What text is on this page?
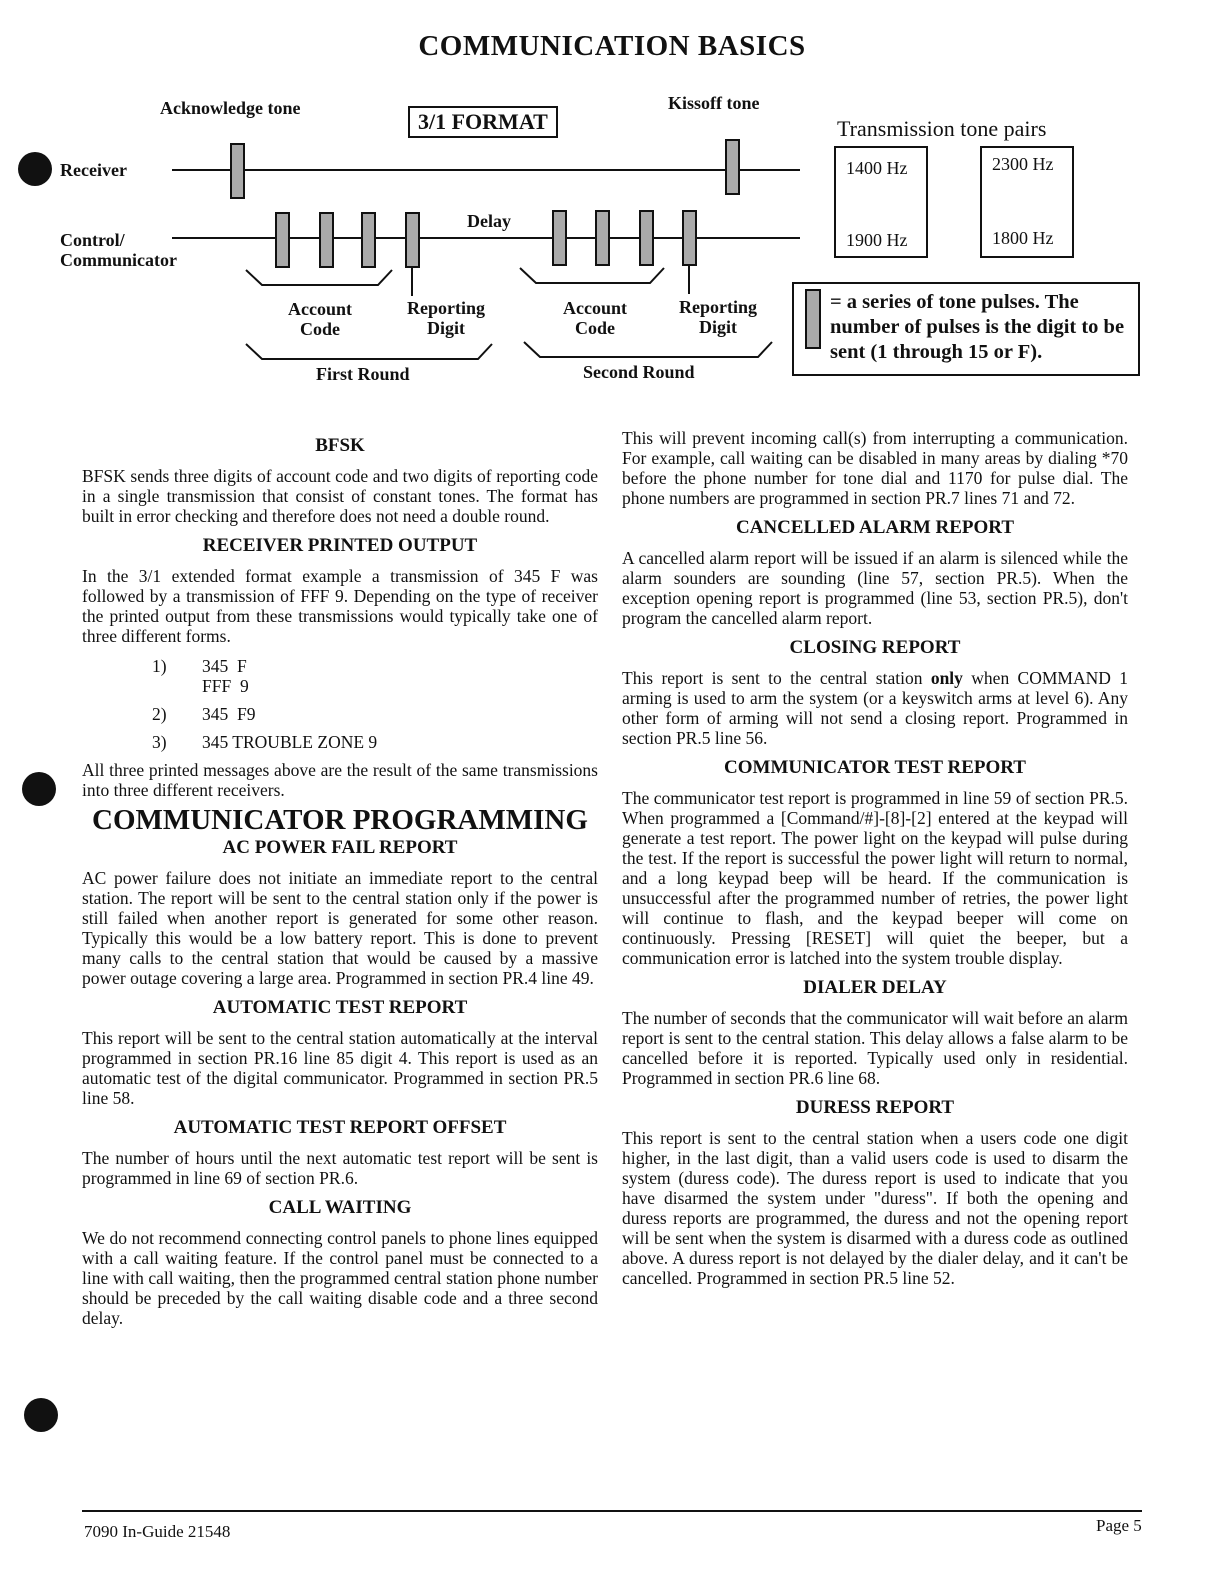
COMMUNICATION BASICS
Acknowledge tone
3/1 FORMAT
Kissoff tone
Receiver
Control/
Communicator
Delay
Account
Code
Reporting
Digit
Account
Code
Reporting
Digit
First Round	Second Round
Transmission tone pairs
1400 Hz
1900 Hz
2300 Hz
1800 Hz
= a series of tone pulses. The number of pulses is the digit to be sent (1 through 15 or F).
BFSK

BFSK sends three digits of account code and two digits of reporting code in a single transmission that consist of constant tones. The format has built in error checking and therefore does not need a double round.

RECEIVER PRINTED OUTPUT

In the 3/1 extended format example a transmission of 345 F was followed by a transmission of FFF 9. Depending on the type of receiver the printed output from these transmissions would typically take one of three different forms.

1)	345  F
FFF  9
2)	345  F9
3)	345 TROUBLE ZONE 9

All three printed messages above are the result of the same transmissions into three different receivers.

COMMUNICATOR PROGRAMMING
AC POWER FAIL REPORT

AC power failure does not initiate an immediate report to the central station. The report will be sent to the central station only if the power is still failed when another report is generated for some other reason. Typically this would be a low battery report. This is done to prevent many calls to the central station that would be caused by a massive power outage covering a large area. Programmed in section PR.4 line 49.

AUTOMATIC TEST REPORT

This report will be sent to the central station automatically at the interval programmed in section PR.16 line 85 digit 4. This report is used as an automatic test of the digital communicator. Programmed in section PR.5 line 58.

AUTOMATIC TEST REPORT OFFSET

The number of hours until the next automatic test report will be sent is programmed in line 69 of section PR.6.

CALL WAITING

We do not recommend connecting control panels to phone lines equipped with a call waiting feature. If the control panel must be connected to a line with call waiting, then the programmed central station phone number should be preceded by the call waiting disable code and a three second delay.

This will prevent incoming call(s) from interrupting a communication. For example, call waiting can be disabled in many areas by dialing *70 before the phone number for tone dial and 1170 for pulse dial. The phone numbers are programmed in section PR.7 lines 71 and 72.

CANCELLED ALARM REPORT

A cancelled alarm report will be issued if an alarm is silenced while the alarm sounders are sounding (line 57, section PR.5). When the exception opening report is programmed (line 53, section PR.5), don't program the cancelled alarm report.

CLOSING REPORT

This report is sent to the central station only when COMMAND 1 arming is used to arm the system (or a keyswitch arms at level 6). Any other form of arming will not send a closing report. Programmed in section PR.5 line 56.

COMMUNICATOR TEST REPORT

The communicator test report is programmed in line 59 of section PR.5. When programmed a [Command/#]-[8]-[2] entered at the keypad will generate a test report. The power light on the keypad will pulse during the test. If the report is successful the power light will return to normal, and a long keypad beep will be heard. If the communication is unsuccessful after the programmed number of retries, the power light will continue to flash, and the keypad beeper will come on continuously. Pressing [RESET] will quiet the beeper, but a communication error is latched into the system trouble display.

DIALER DELAY

The number of seconds that the communicator will wait before an alarm report is sent to the central station. This delay allows a false alarm to be cancelled before it is reported. Typically used only in residential. Programmed in section PR.6 line 68.

DURESS REPORT

This report is sent to the central station when a users code one digit higher, in the last digit, than a valid users code is used to disarm the system (duress code). The duress report is used to indicate that you have disarmed the system under "duress". If both the opening and duress reports are programmed, the duress and not the opening report will be sent when the system is disarmed with a duress code as outlined above. A duress report is not delayed by the dialer delay, and it can't be cancelled. Programmed in section PR.5 line 52.

7090 In-Guide 21548	Page 5
